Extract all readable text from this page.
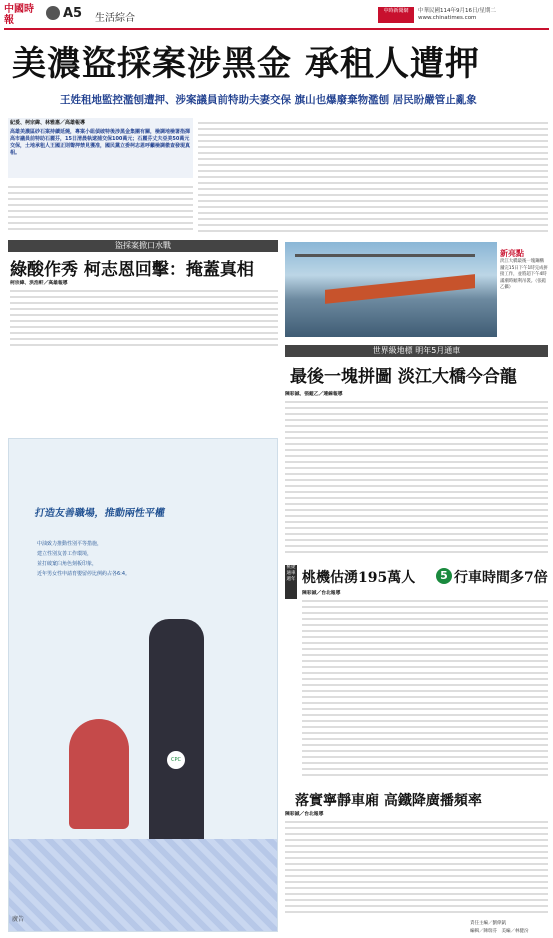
中國時報	A5 生活綜合
中時新聞網	中華民國114年9月16日/星期二
www.chinatimes.com
美濃盜採案涉黑金 承租人遭押
王姓租地監控濫刨遭押、涉案議員前特助夫妻交保 旗山也爆廢棄物濫刨 居民盼嚴管止亂象
紀爰、柯宗緯、林雅惠／高雄報導
高雄美濃區砂石案持續延燒，專案小組偵破特後涉黑金集團有關，檢調地檢署指揮高市議員前特助石麗芬，15日清晨執逮捕交保100萬元；石麗芬丈夫亞美50萬元交保，土地承租人王國正則聲押禁見獲准，國民黨立委柯志恩呼籲檢調徹查發現真相。
盜採案掀口水戰
綠酸作秀 柯志恩回擊：掩蓋真相
柯宗緯、洪浩軒／高雄報導
新亮點
淡江大橋最後一塊鋼構舖完15日下午1時完成拼接工作，並將超下午4時滿潮時順利吊裝。（張鎧乙攝）
世界級地標 明年5月通車
最後一塊拼圖 淡江大橋今合龍
陳彩誠、張鎧乙／連線報導
打造友善職場，推動兩性平權
中油致力推動性別平等措施，
建立性別友善工作環境，
並打破窠臼角色刻板印象，
近年男女性申請育嬰留停比例約占各6:4。
CPC
廣告
桃捷通車週年 桃機估湧195萬人	5 行車時間多7倍
陳彩誠／台北報導
落實寧靜車廂 高鐵降廣播頻率
陳彩誠／台北報導
責任主編／劉偉凱
編輯／陳瑞芬　美編／林健汾
